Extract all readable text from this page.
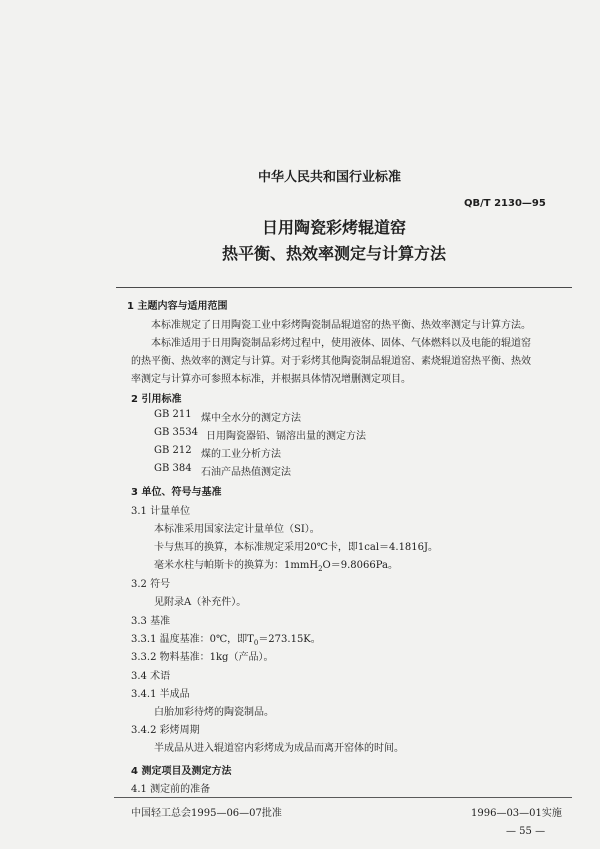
中华人民共和国行业标准
QB/T 2130—95
日用陶瓷彩烤辊道窑
热平衡、热效率测定与计算方法
1 主题内容与适用范围
本标准规定了日用陶瓷工业中彩烤陶瓷制品辊道窑的热平衡、热效率测定与计算方法。
本标准适用于日用陶瓷制品彩烤过程中，使用液体、固体、气体燃料以及电能的辊道窑
的热平衡、热效率的测定与计算。对于彩烤其他陶瓷制品辊道窑、素烧辊道窑热平衡、热效
率测定与计算亦可参照本标准，并根据具体情况增删测定项目。
2 引用标准
GB 211 煤中全水分的测定方法
GB 3534 日用陶瓷器铅、镉溶出量的测定方法
GB 212 煤的工业分析方法
GB 384 石油产品热值测定法
3 单位、符号与基准
3.1 计量单位
本标准采用国家法定计量单位（SI）。
卡与焦耳的换算，本标准规定采用20℃卡，即1cal＝4.1816J。
毫米水柱与帕斯卡的换算为：1mmH$_2$O＝9.8066Pa。
3.2 符号
见附录A（补充件）。
3.3 基准
3.3.1 温度基准：0℃，即$T_0=273.15K$。
3.3.2 物料基准：1kg（产品）。
3.4 术语
3.4.1 半成品
白胎加彩待烤的陶瓷制品。
3.4.2 彩烤周期
半成品从进入辊道窑内彩烤成为成品而离开窑体的时间。
4 测定项目及测定方法
4.1 测定前的准备
中国轻工总会1995—06—07批准	1996—03—01实施
— 55 —
